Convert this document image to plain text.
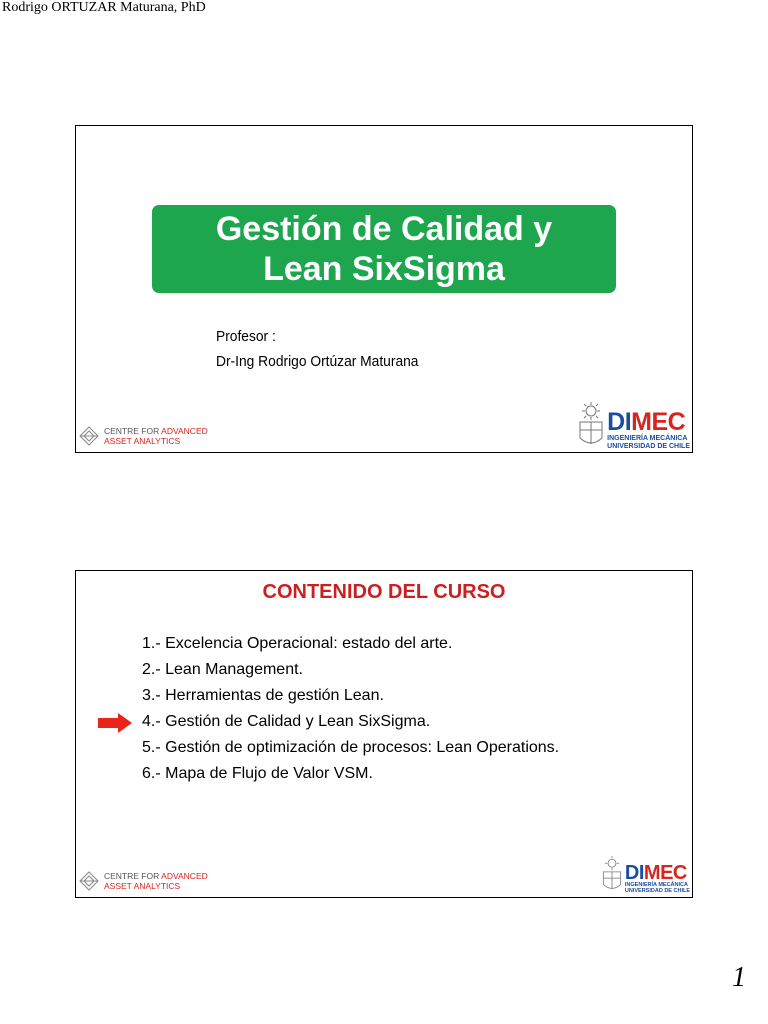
Rodrigo ORTUZAR Maturana, PhD
Gestión de Calidad y
Lean SixSigma
Profesor :
Dr-Ing Rodrigo Ortúzar Maturana
CENTRE FOR ADVANCED
ASSET ANALYTICS
DIMEC
INGENIERÍA MECÁNICA
UNIVERSIDAD DE CHILE
CONTENIDO DEL CURSO
1.- Excelencia Operacional: estado del arte.
2.- Lean Management.
3.- Herramientas de gestión Lean.
4.- Gestión de Calidad y Lean SixSigma.
5.- Gestión de optimización de procesos: Lean Operations.
6.- Mapa de Flujo de Valor VSM.
CENTRE FOR ADVANCED
ASSET ANALYTICS
DIMEC
INGENIERÍA MECÁNICA
UNIVERSIDAD DE CHILE
1
